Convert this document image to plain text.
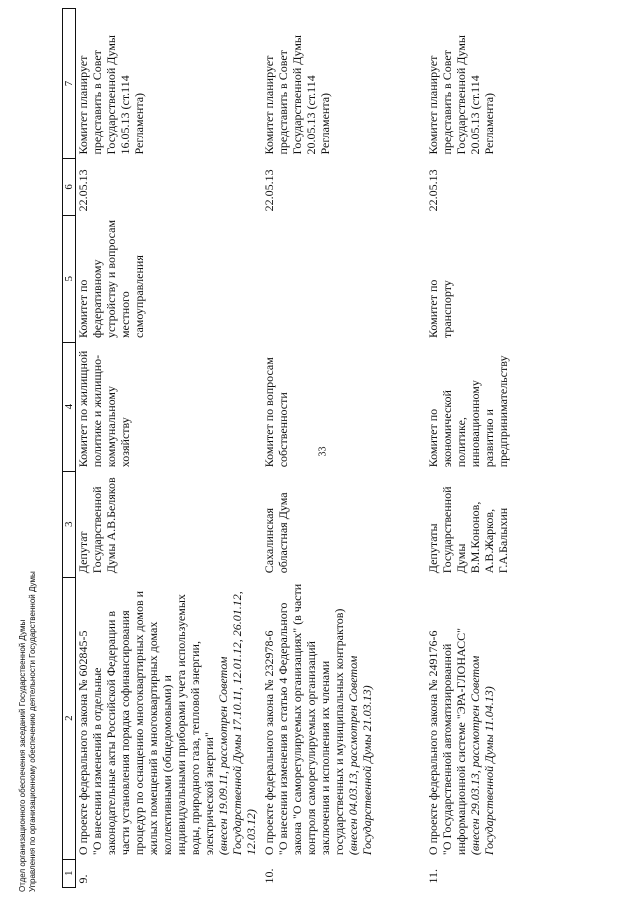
33
1	2	3	4	5	6	7
9.	О проекте федерального закона № 602845-5 "О внесении изменений в отдельные законодательные акты Российской Федерации в части установления порядка софинансирования процедур по оснащению многоквартирных домов и жилых помещений в многоквартирных домах коллективными (общедомовыми) и индивидуальными приборами учета используемых воды, природного газа, тепловой энергии, электрической энергии" (внесен 19.09.11, рассмотрен Советом Государственной Думы 17.10.11, 12.01.12, 26.01.12, 12.03.12)	Депутат Государственной Думы А.В.Беляков	Комитет по жилищной политике и жилищно-коммунальному хозяйству	Комитет по федеративному устройству и вопросам местного самоуправления	22.05.13	Комитет планирует представить в Совет Государственной Думы 16.05.13 (ст.114 Регламента)
10.	О проекте федерального закона № 232978-6 "О внесении изменения в статью 4 Федерального закона "О саморегулируемых организациях" (в части контроля саморегулируемых организаций заключения и исполнения их членами государственных и муниципальных контрактов) (внесен 04.03.13, рассмотрен Советом Государственной Думы 21.03.13)	Сахалинская областная Дума	Комитет по вопросам собственности		22.05.13	Комитет планирует представить в Совет Государственной Думы 20.05.13 (ст.114 Регламента)
11.	О проекте федерального закона № 249176-6 "О Государственной автоматизированной информационной системе "ЭРА-ГЛОНАСС" (внесен 29.03.13, рассмотрен Советом Государственной Думы 11.04.13)	Депутаты Государственной Думы В.М.Кононов, А.В.Жарков, Г.А.Балыхин	Комитет по экономической политике, инновационному развитию и предпринимательству	Комитет по транспорту	22.05.13	Комитет планирует представить в Совет Государственной Думы 20.05.13 (ст.114 Регламента)
Отдел организационного обеспечения заседаний Государственной Думы Управления по организационному обеспечению деятельности Государственной Думы
